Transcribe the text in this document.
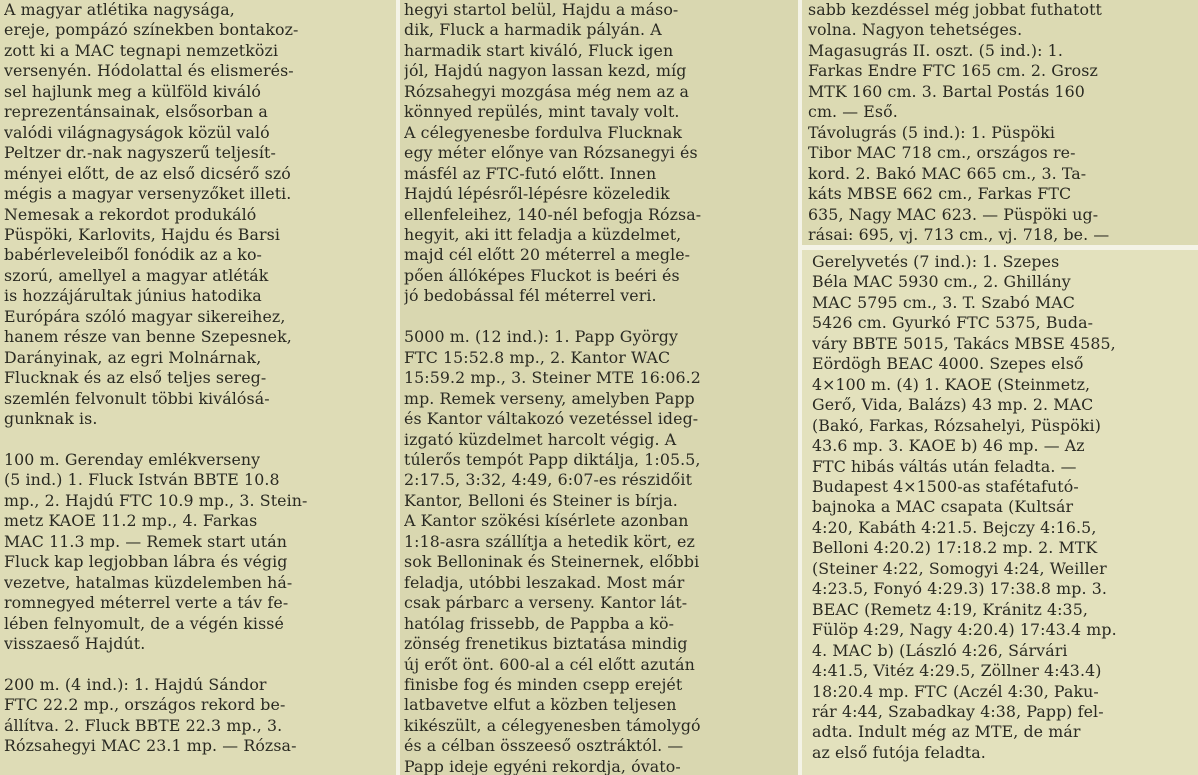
A magyar atlétika nagysága,
ereje, pompázó színekben bontakoz-
zott ki a MAC tegnapi nemzetközi
versenyén. Hódolattal és elismerés-
sel hajlunk meg a külföld kiváló
reprezentánsainak, elsősorban a
valódi világnagyságok közül való
Peltzer dr.-nak nagyszerű teljesít-
ményei előtt, de az első dicsérő szó
mégis a magyar versenyzőket illeti.
Nemesak a rekordot produkáló
Püspöki, Karlovits, Hajdu és Barsi
babérleveleiből fonódik az a ko-
szorú, amellyel a magyar atléták
is hozzájárultak június hatodika
Európára szóló magyar sikereihez,
hanem része van benne Szepesnek,
Darányinak, az egri Molnárnak,
Flucknak és az első teljes sereg-
szemlén felvonult többi kiválósá-
gunknak is.

100 m. Gerenday emlékverseny
(5 ind.) 1. Fluck István BBTE 10.8
mp., 2. Hajdú FTC 10.9 mp., 3. Stein-
metz KAOE 11.2 mp., 4. Farkas
MAC 11.3 mp. — Remek start után
Fluck kap legjobban lábra és végig
vezetve, hatalmas küzdelemben há-
romnegyed méterrel verte a táv fe-
lében felnyomult, de a végén kissé
visszaeső Hajdút.

200 m. (4 ind.): 1. Hajdú Sándor
FTC 22.2 mp., országos rekord be-
állítva. 2. Fluck BBTE 22.3 mp., 3.
Rózsahegyi MAC 23.1 mp. — Rózsa-

hegyi startol belül, Hajdu a máso-
dik, Fluck a harmadik pályán. A
harmadik start kiváló, Fluck igen
jól, Hajdú nagyon lassan kezd, míg
Rózsahegyi mozgása még nem az a
könnyed repülés, mint tavaly volt.
A célegyenesbe fordulva Flucknak
egy méter előnye van Rózsanegyi és
másfél az FTC-futó előtt. Innen
Hajdú lépésről-lépésre közeledik
ellenfeleihez, 140-nél befogja Rózsa-
hegyit, aki itt feladja a küzdelmet,
majd cél előtt 20 méterrel a megle-
pően állóképes Fluckot is beéri és
jó bedobással fél méterrel veri.

5000 m. (12 ind.): 1. Papp György
FTC 15:52.8 mp., 2. Kantor WAC
15:59.2 mp., 3. Steiner MTE 16:06.2
mp. Remek verseny, amelyben Papp
és Kantor váltakozó vezetéssel ideg-
izgató küzdelmet harcolt végig. A
túlerős tempót Papp diktálja, 1:05.5,
2:17.5, 3:32, 4:49, 6:07-es részidőit
Kantor, Belloni és Steiner is bírja.
A Kantor szökési kísérlete azonban
1:18-asra szállítja a hetedik kört, ez
sok Belloninak és Steinernek, előbbi
feladja, utóbbi leszakad. Most már
csak párbarc a verseny. Kantor lát-
hatólag frissebb, de Pappba a kö-
zönség frenetikus biztatása mindig
új erőt önt. 600-al a cél előtt azután
finisbe fog és minden csepp erejét
latbavetve elfut a közben teljesen
kikészült, a célegyenesben támolygó
és a célban összeeső osztráktól. —
Papp ideje egyéni rekordja, óvato-

sabb kezdéssel még jobbat futhatott
volna. Nagyon tehetséges.
Magasugrás II. oszt. (5 ind.): 1.
Farkas Endre FTC 165 cm. 2. Grosz
MTK 160 cm. 3. Bartal Postás 160
cm. — Eső.
Távolugrás (5 ind.): 1. Püspöki
Tibor MAC 718 cm., országos re-
kord. 2. Bakó MAC 665 cm., 3. Ta-
káts MBSE 662 cm., Farkas FTC
635, Nagy MAC 623. — Püspöki ug-
rásai: 695, vj. 713 cm., vj. 718, be. —

Gerelyvetés (7 ind.): 1. Szepes
Béla MAC 5930 cm., 2. Ghillány
MAC 5795 cm., 3. T. Szabó MAC
5426 cm. Gyurkó FTC 5375, Buda-
váry BBTE 5015, Takács MBSE 4585,
Eördögh BEAC 4000. Szepes első
4×100 m. (4) 1. KAOE (Steinmetz,
Gerő, Vida, Balázs) 43 mp. 2. MAC
(Bakó, Farkas, Rózsahelyi, Püspöki)
43.6 mp. 3. KAOE b) 46 mp. — Az
FTC hibás váltás után feladta. —
Budapest 4×1500-as stafétafutó-
bajnoka a MAC csapata (Kultsár
4:20, Kabáth 4:21.5. Bejczy 4:16.5,
Belloni 4:20.2) 17:18.2 mp. 2. MTK
(Steiner 4:22, Somogyi 4:24, Weiller
4:23.5, Fonyó 4:29.3) 17:38.8 mp. 3.
BEAC (Remetz 4:19, Kránitz 4:35,
Fülöp 4:29, Nagy 4:20.4) 17:43.4 mp.
4. MAC b) (László 4:26, Sárvári
4:41.5, Vitéz 4:29.5, Zöllner 4:43.4)
18:20.4 mp. FTC (Aczél 4:30, Paku-
rár 4:44, Szabadkay 4:38, Papp) fel-
adta. Indult még az MTE, de már
az első futója feladta.
